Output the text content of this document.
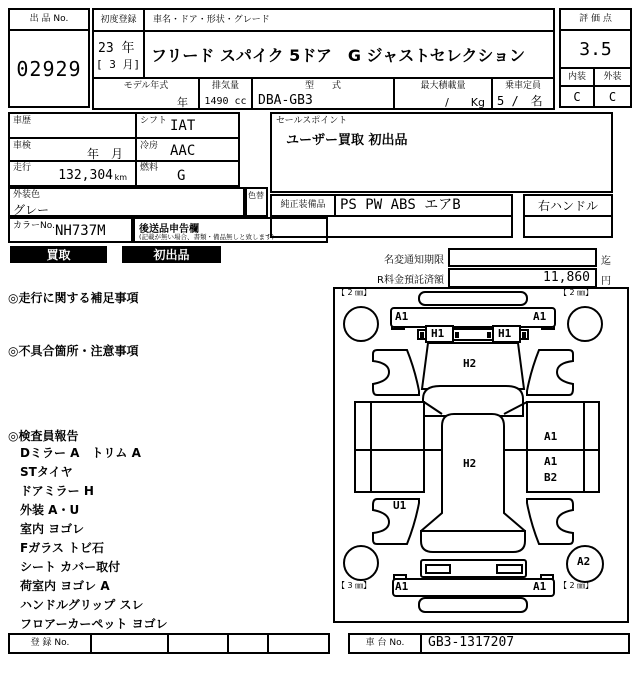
出 品 No.
02929
初度登録	車名・ドア・形状・グレード
23 年
[ 3 月] フリード スパイク 5ドア　G ジャストセレクション
モデル年式	排気量	型　　式	最大積載量	乗車定員
年	1490 cc DBA-GB3	/　　Kg	5 /　名
評 価 点
3.5
内装	外装
C	C
車歴	シフト IAT
車検
年　月
冷房 AAC
走行 132,304 km
燃料 G
外装色
グレー
色替
カラーNo. NH737M	後送品申告欄
(記載が無い場合、書類・備品無しと致します)
セールスポイント
ユーザー買取 初出品
純正装備品	PS PW ABS エアB	右ハンドル
買取	初出品	名変通知期限	迄
R料金預託済額	11,860	円
◎走行に関する補足事項
◎不具合箇所・注意事項
◎検査員報告
Dミラー A　トリム A
STタイヤ
ドアミラー H
外装 A・U
室内 ヨゴレ
Fガラス トビ石
シート カバー取付
荷室内 ヨゴレ A
ハンドルグリップ スレ
フロアーカーペット ヨゴレ
【 2 ㎜】	【 2 ㎜】
A1	A1
H1	H1
H2
H2
A1
A1
B2
U1
A2
A1	A1
【 3 ㎜】	【 2 ㎜】
登 録 No.	車 台 No.	GB3-1317207
